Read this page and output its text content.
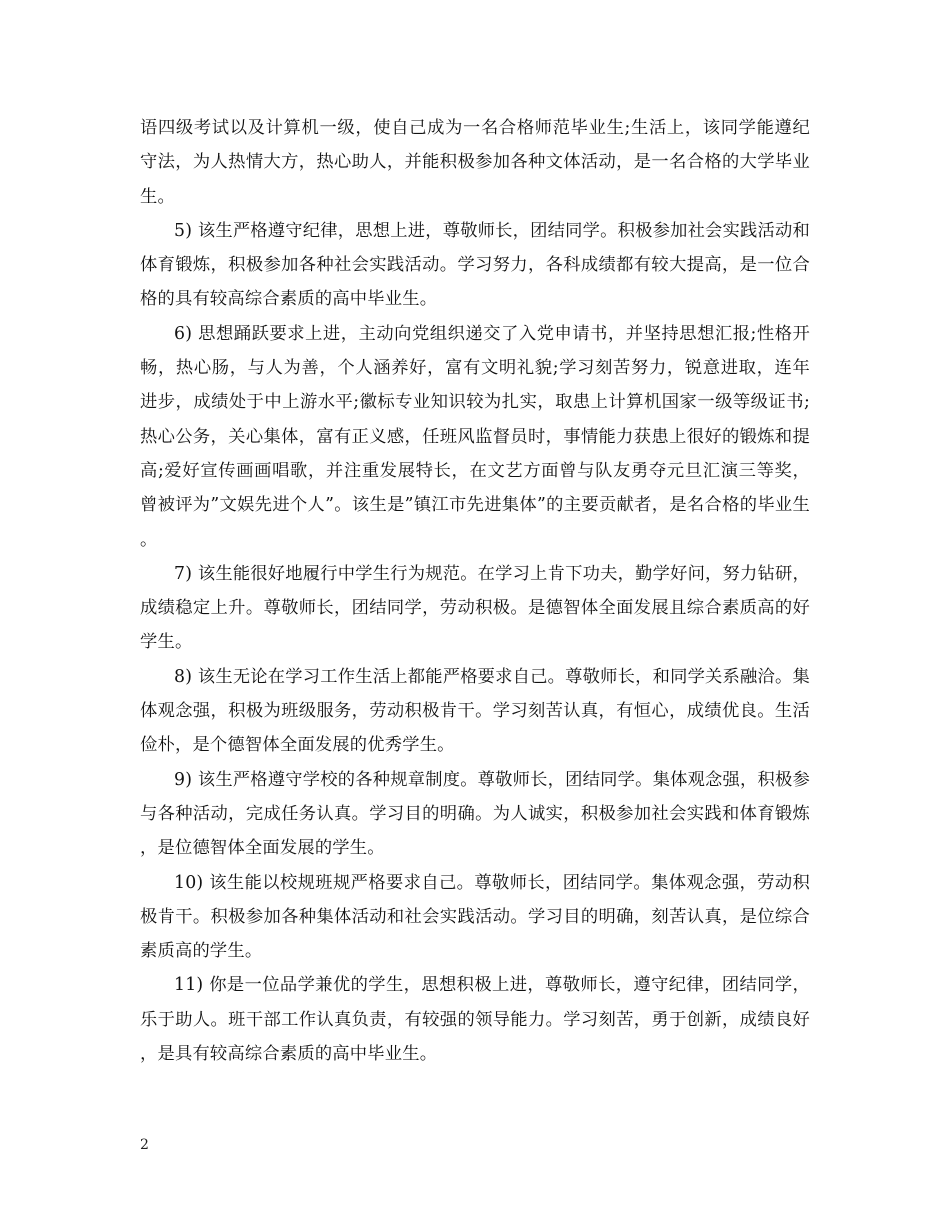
语四级考试以及计算机一级，使自己成为一名合格师范毕业生;生活上，该同学能遵纪守法，为人热情大方，热心助人，并能积极参加各种文体活动，是一名合格的大学毕业生。

5) 该生严格遵守纪律，思想上进，尊敬师长，团结同学。积极参加社会实践活动和体育锻炼，积极参加各种社会实践活动。学习努力，各科成绩都有较大提高，是一位合格的具有较高综合素质的高中毕业生。

6) 思想踊跃要求上进，主动向党组织递交了入党申请书，并坚持思想汇报;性格开畅，热心肠，与人为善，个人涵养好，富有文明礼貌;学习刻苦努力，锐意进取，连年进步，成绩处于中上游水平;徽标专业知识较为扎实，取患上计算机国家一级等级证书;热心公务，关心集体，富有正义感，任班风监督员时，事情能力获患上很好的锻炼和提高;爱好宣传画画唱歌，并注重发展特长，在文艺方面曾与队友勇夺元旦汇演三等奖，曾被评为”文娱先进个人”。该生是”镇江市先进集体”的主要贡献者，是名合格的毕业生。

7) 该生能很好地履行中学生行为规范。在学习上肯下功夫，勤学好问，努力钻研，成绩稳定上升。尊敬师长，团结同学，劳动积极。是德智体全面发展且综合素质高的好学生。

8) 该生无论在学习工作生活上都能严格要求自己。尊敬师长，和同学关系融洽。集体观念强，积极为班级服务，劳动积极肯干。学习刻苦认真，有恒心，成绩优良。生活俭朴，是个德智体全面发展的优秀学生。

9) 该生严格遵守学校的各种规章制度。尊敬师长，团结同学。集体观念强，积极参与各种活动，完成任务认真。学习目的明确。为人诚实，积极参加社会实践和体育锻炼，是位德智体全面发展的学生。

10) 该生能以校规班规严格要求自己。尊敬师长，团结同学。集体观念强，劳动积极肯干。积极参加各种集体活动和社会实践活动。学习目的明确，刻苦认真，是位综合素质高的学生。

11) 你是一位品学兼优的学生，思想积极上进，尊敬师长，遵守纪律，团结同学，乐于助人。班干部工作认真负责，有较强的领导能力。学习刻苦，勇于创新，成绩良好，是具有较高综合素质的高中毕业生。

2
